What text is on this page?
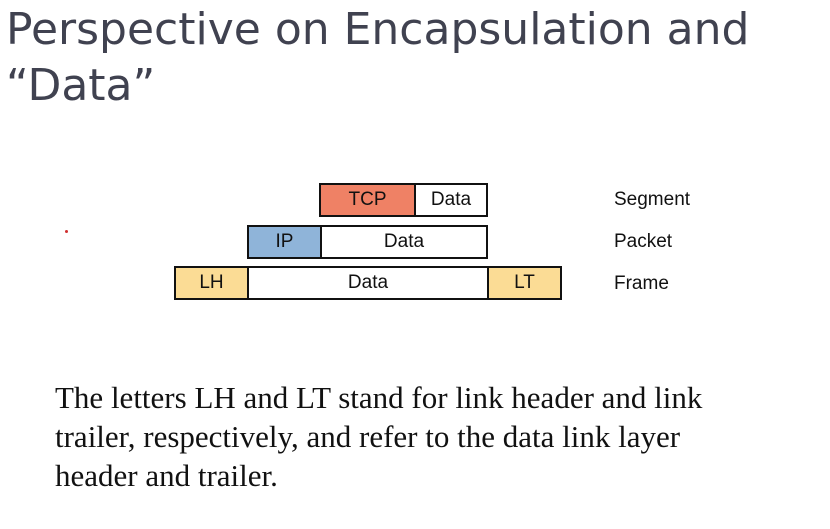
Perspective on Encapsulation and
“Data”
TCP	Data	Segment
IP	Data	Packet
LH	Data	LT	Frame

The letters LH and LT stand for link header and link
trailer, respectively, and refer to the data link layer
header and trailer.
